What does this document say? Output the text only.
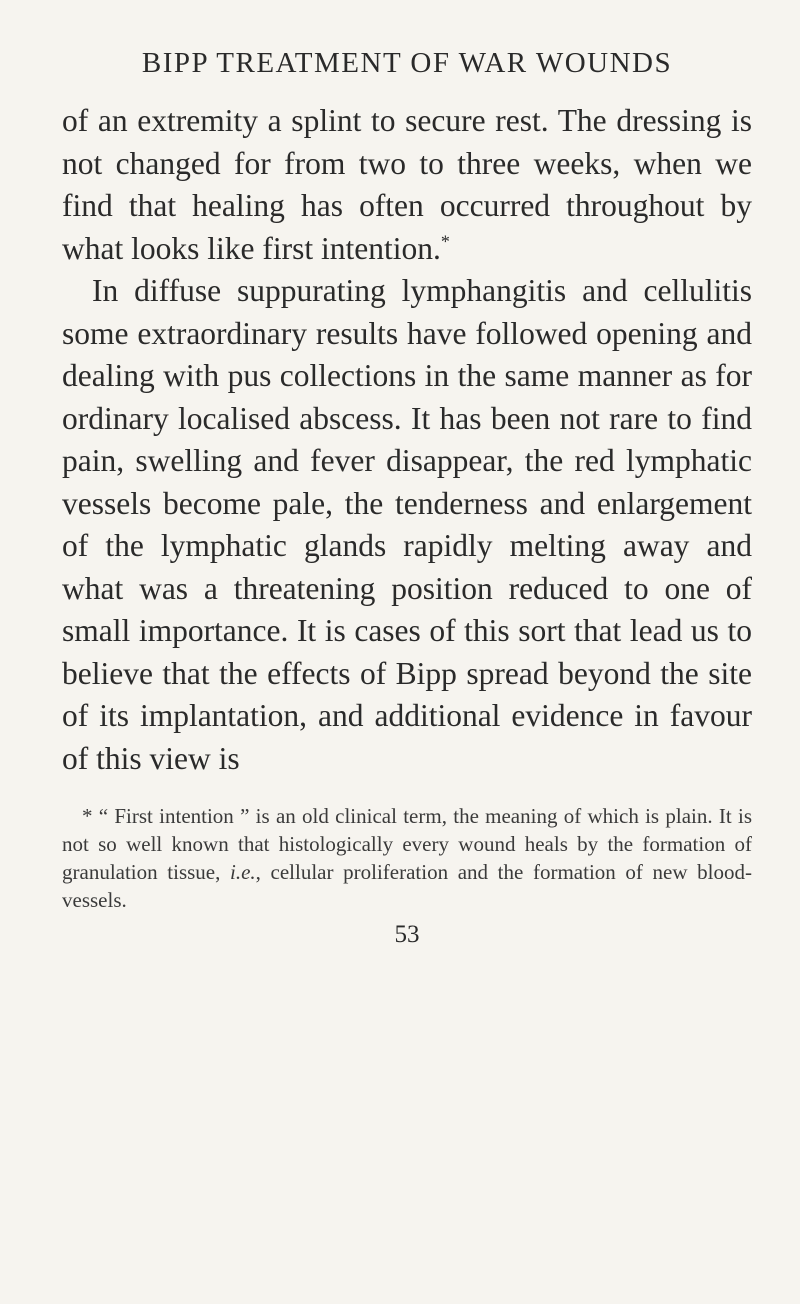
BIPP TREATMENT OF WAR WOUNDS

of an extremity a splint to secure rest. The dressing is not changed for from two to three weeks, when we find that healing has often occurred throughout by what looks like first intention.*

In diffuse suppurating lymphangitis and cellulitis some extraordinary results have followed opening and dealing with pus collections in the same manner as for ordinary localised abscess. It has been not rare to find pain, swelling and fever disappear, the red lymphatic vessels become pale, the tenderness and enlargement of the lymphatic glands rapidly melting away and what was a threatening position reduced to one of small importance. It is cases of this sort that lead us to believe that the effects of Bipp spread beyond the site of its implantation, and additional evidence in favour of this view is

* “ First intention ” is an old clinical term, the meaning of which is plain. It is not so well known that histologically every wound heals by the formation of granulation tissue, i.e., cellular proliferation and the formation of new blood-vessels.

53
